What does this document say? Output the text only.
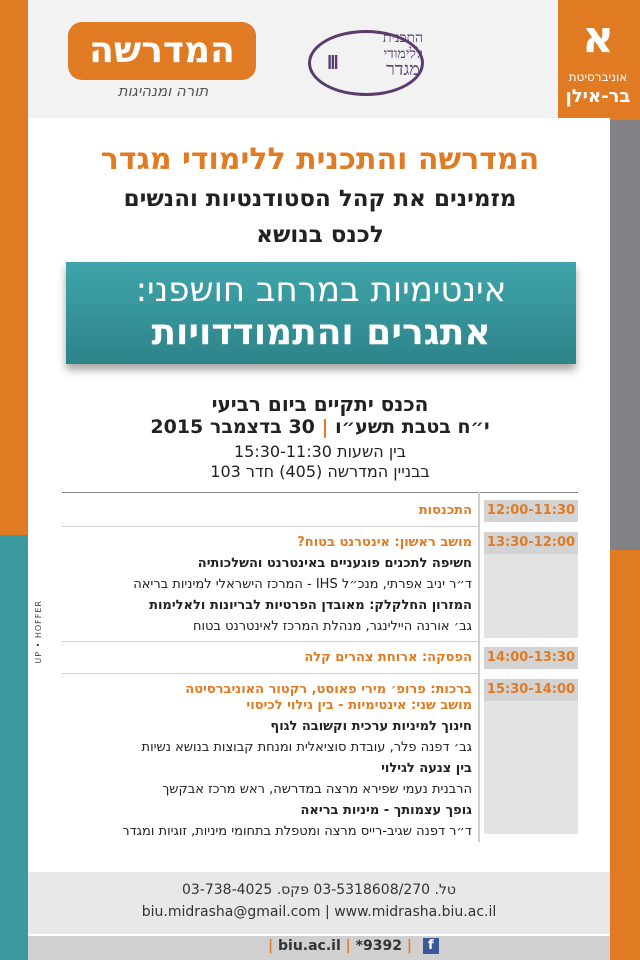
המדרשה
תורה ומנהיגות
ııı
התכנית
ללימודי
מגדר
א
אוניברסיטת
בר-אילן
המדרשה והתכנית ללימודי מגדר
מזמינים את קהל הסטודנטיות והנשים
לכנס בנושא
אינטימיות במרחב חושפני:
אתגרים והתמודדויות
הכנס יתקיים ביום רביעי
י״ח בטבת תשע״ו | 30 בדצמבר 2015
בין השעות 15:30-11:30
בבניין המדרשה (405) חדר 103
12:00-11:30
התכנסות
13:30-12:00
מושב ראשון: אינטרנט בטוח?
חשיפה לתכנים פוגעניים באינטרנט והשלכותיה
ד״ר יניב אפרתי, מנכ״ל IHS - המרכז הישראלי למיניות בריאה
המזרון החלקלק: מאובדן הפרטיות לבריונות ולאלימות
גב׳ אורנה היילינגר, מנהלת המרכז לאינטרנט בטוח
14:00-13:30
הפסקה: ארוחת צהרים קלה
15:30-14:00
ברכות: פרופ׳ מירי פאוסט, רקטור האוניברסיטה
מושב שני: אינטימיות - בין גילוי לכיסוי
חינוך למיניות ערכית וקשובה לגוף
גב׳ דפנה פלר, עובדת סוציאלית ומנחת קבוצות בנושא נשיות
בין צנעה לגילוי
הרבנית נעמי שפירא מרצה במדרשה, ראש מרכז אבקשך
גופך עצמותך - מיניות בריאה
ד״ר דפנה שגיב-רייס מרצה ומטפלת בתחומי מיניות, זוגיות ומגדר
UP • HOFFER
טל. 03-5318608/270 פקס. 03-738-4025
biu.midrasha@gmail.com | www.midrasha.biu.ac.il
| biu.ac.il | *9392 | f
